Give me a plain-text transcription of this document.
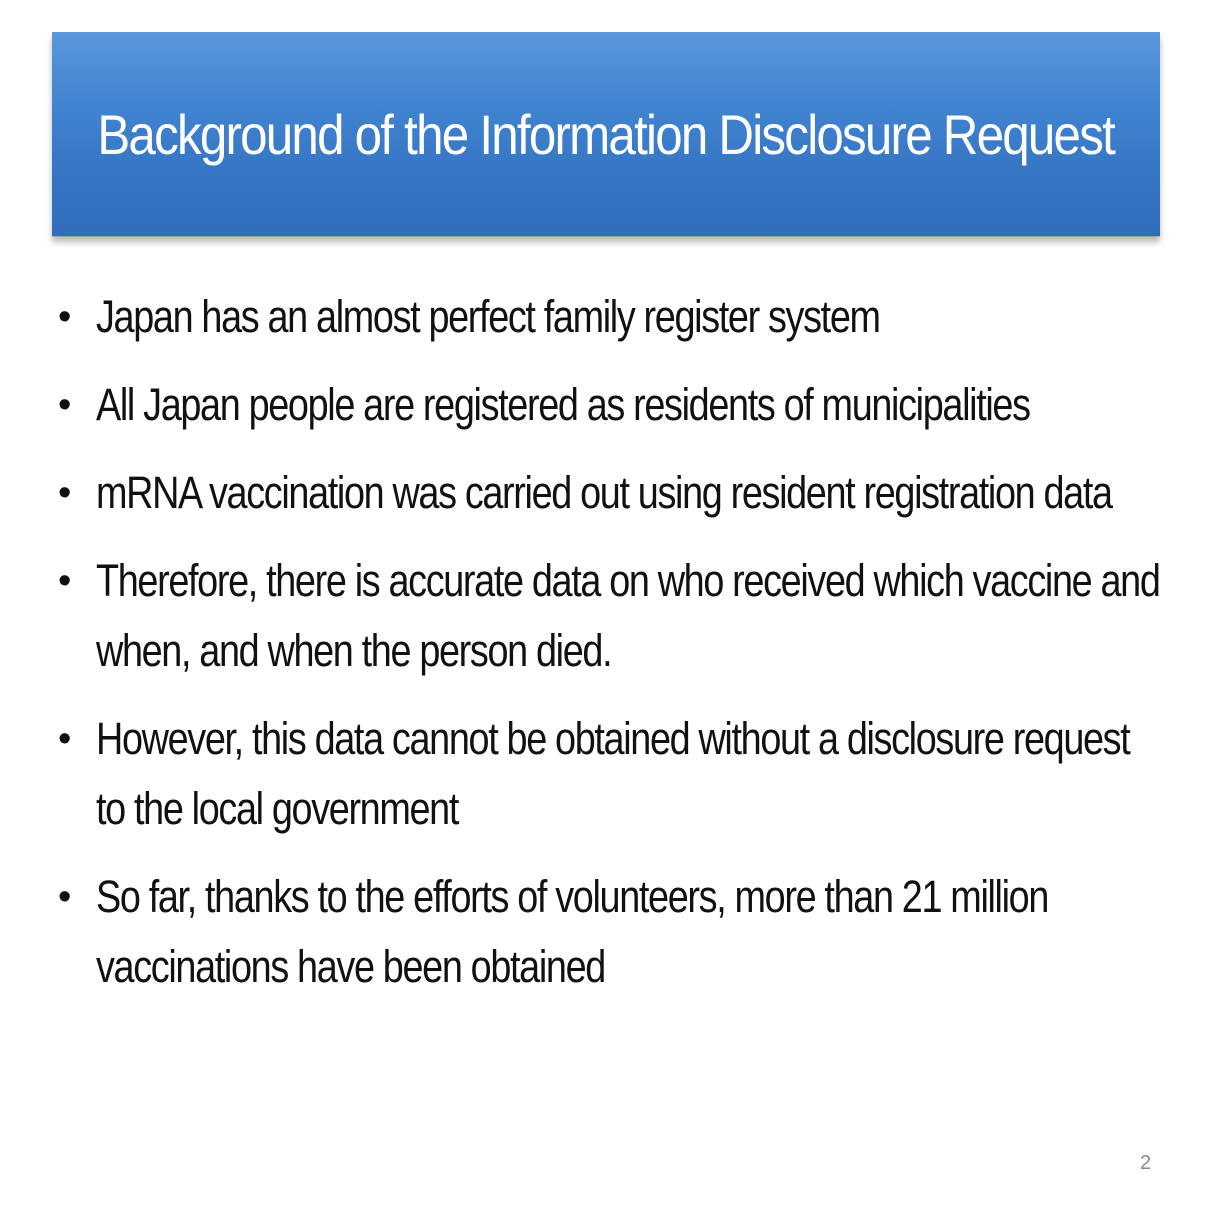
Background of the Information Disclosure Request
• Japan has an almost perfect family register system
• All Japan people are registered as residents of municipalities
• mRNA vaccination was carried out using resident registration data
• Therefore, there is accurate data on who received which vaccine and when, and when the person died.
• However, this data cannot be obtained without a disclosure request to the local government
• So far, thanks to the efforts of volunteers, more than 21 million vaccinations have been obtained
2
